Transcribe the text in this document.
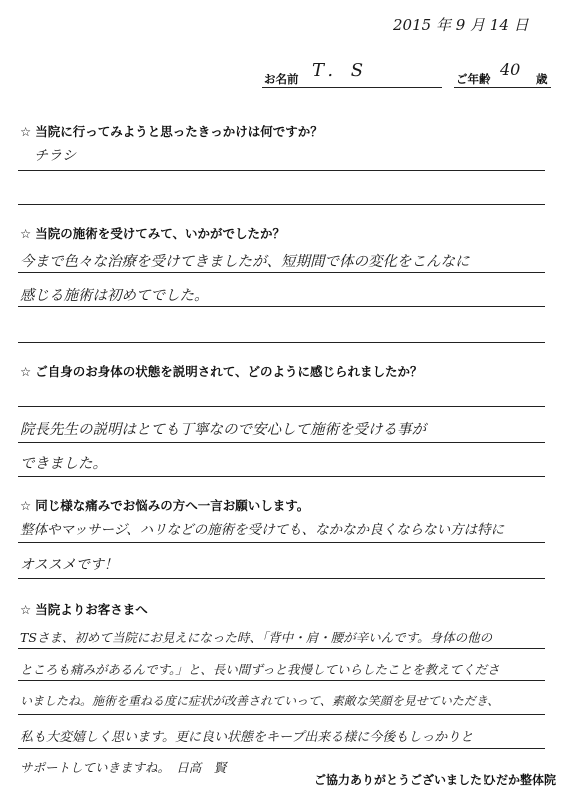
2015 年 9 月 14 日
お名前 T. S	ご年齢 40 歳
☆ 当院に行ってみようと思ったきっかけは何ですか？
チラシ
☆ 当院の施術を受けてみて、いかがでしたか？
今まで色々な治療を受けてきましたが、短期間で体の変化をこんなに
感じる施術は初めてでした。
☆ ご自身のお身体の状態を説明されて、どのように感じられましたか？
院長先生の説明はとても丁寧なので安心して施術を受ける事が
できました。
☆ 同じ様な痛みでお悩みの方へ一言お願いします。
整体やマッサージ、ハリなどの施術を受けても、なかなか良くならない方は特に
オススメです！
☆ 当院よりお客さまへ
TSさま、初めて当院にお見えになった時、「背中・肩・腰が辛いんです。身体の他の
ところも痛みがあるんです。」と、長い間ずっと我慢していらしたことを教えてくださ
いましたね。施術を重ねる度に症状が改善されていって、素敵な笑顔を見せていただき、
私も大変嬉しく思います。更に良い状態をキープ出来る様に今後もしっかりと
サポートしていきますね。　日高　賢
ご協力ありがとうございました！
ひだか整体院
